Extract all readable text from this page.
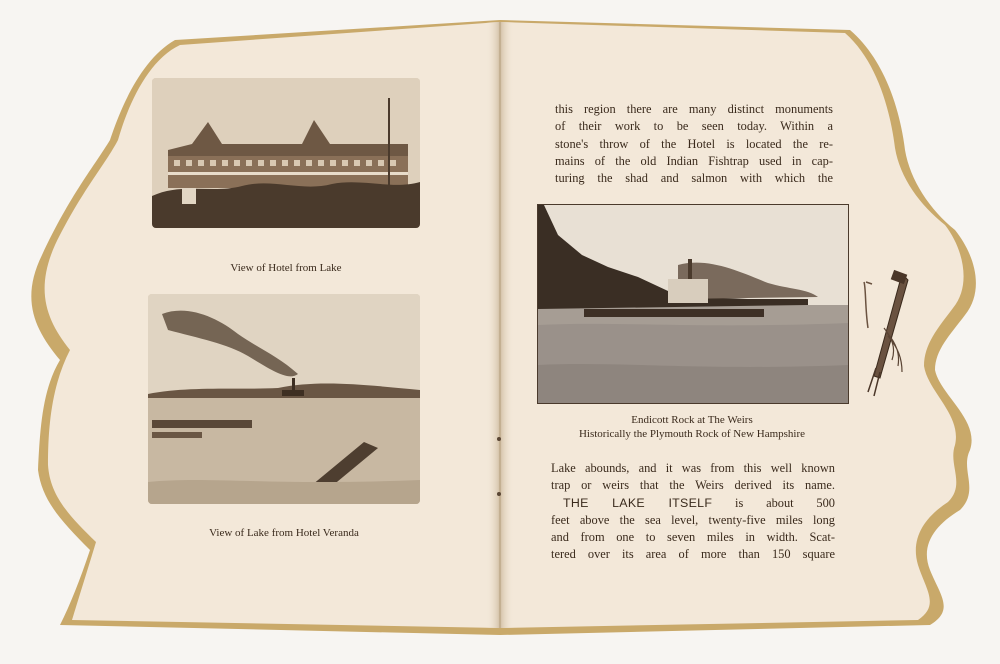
View of Hotel from Lake
View of Lake from Hotel Veranda
this region there are many distinct monuments
of their work to be seen today. Within a
stone's throw of the Hotel is located the re-
mains of the old Indian Fishtrap used in cap-
turing the shad and salmon with which the
Endicott Rock at The Weirs
Historically the Plymouth Rock of New Hampshire
Lake abounds, and it was from this well known
trap or weirs that the Weirs derived its name.
THE LAKE ITSELF is about 500
feet above the sea level, twenty-five miles long
and from one to seven miles in width. Scat-
tered over its area of more than 150 square
